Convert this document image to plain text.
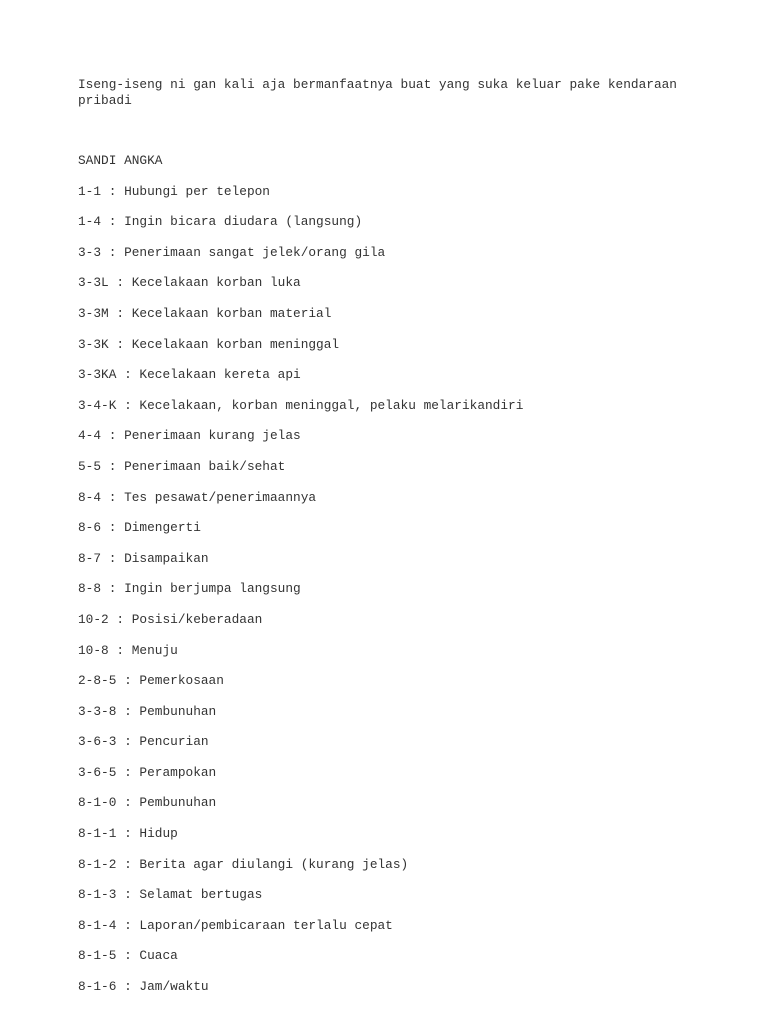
Iseng-iseng ni gan kali aja bermanfaatnya buat yang suka keluar pake kendaraan pribadi

SANDI ANGKA
1-1 : Hubungi per telepon
1-4 : Ingin bicara diudara (langsung)
3-3 : Penerimaan sangat jelek/orang gila
3-3L : Kecelakaan korban luka
3-3M : Kecelakaan korban material
3-3K : Kecelakaan korban meninggal
3-3KA : Kecelakaan kereta api
3-4-K : Kecelakaan, korban meninggal, pelaku melarikandiri
4-4 : Penerimaan kurang jelas
5-5 : Penerimaan baik/sehat
8-4 : Tes pesawat/penerimaannya
8-6 : Dimengerti
8-7 : Disampaikan
8-8 : Ingin berjumpa langsung
10-2 : Posisi/keberadaan
10-8 : Menuju
2-8-5 : Pemerkosaan
3-3-8 : Pembunuhan
3-6-3 : Pencurian
3-6-5 : Perampokan
8-1-0 : Pembunuhan
8-1-1 : Hidup
8-1-2 : Berita agar diulangi (kurang jelas)
8-1-3 : Selamat bertugas
8-1-4 : Laporan/pembicaraan terlalu cepat
8-1-5 : Cuaca
8-1-6 : Jam/waktu
